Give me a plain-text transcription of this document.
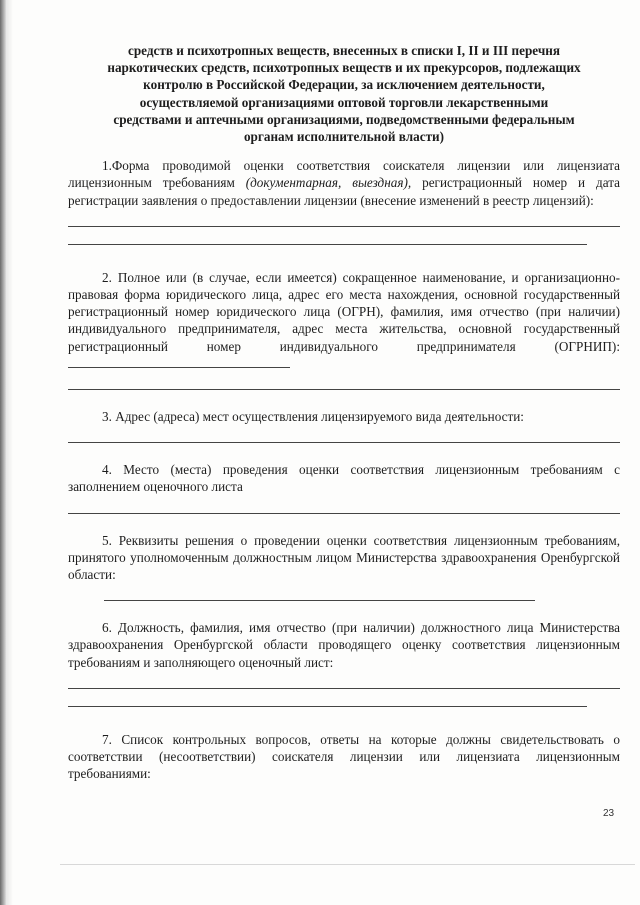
средств и психотропных веществ, внесенных в списки I, II и III перечня
наркотических средств, психотропных веществ и их прекурсоров, подлежащих
контролю в Российской Федерации, за исключением деятельности,
осуществляемой организациями оптовой торговли лекарственными
средствами и аптечными организациями, подведомственными федеральным
органам исполнительной власти)

1.Форма проводимой оценки соответствия соискателя лицензии или лицензиата лицензионным требованиям (документарная, выездная), регистрационный номер и дата регистрации заявления о предоставлении лицензии (внесение изменений в реестр лицензий):

2. Полное или (в случае, если имеется) сокращенное наименование, и организационно-правовая форма юридического лица, адрес его места нахождения, основной государственный регистрационный номер юридического лица (ОГРН), фамилия, имя отчество (при наличии) индивидуального предпринимателя, адрес места жительства, основной государственный регистрационный номер индивидуального предпринимателя (ОГРНИП):

3. Адрес (адреса) мест осуществления лицензируемого вида деятельности:

4. Место (места) проведения оценки соответствия лицензионным требованиям с заполнением оценочного листа

5. Реквизиты решения о проведении оценки соответствия лицензионным требованиям, принятого уполномоченным должностным лицом Министерства здравоохранения Оренбургской области:

6. Должность, фамилия, имя отчество (при наличии) должностного лица Министерства здравоохранения Оренбургской области проводящего оценку соответствия лицензионным требованиям и заполняющего оценочный лист:

7. Список контрольных вопросов, ответы на которые должны свидетельствовать о соответствии (несоответствии) соискателя лицензии или лицензиата лицензионным требованиями:

23
